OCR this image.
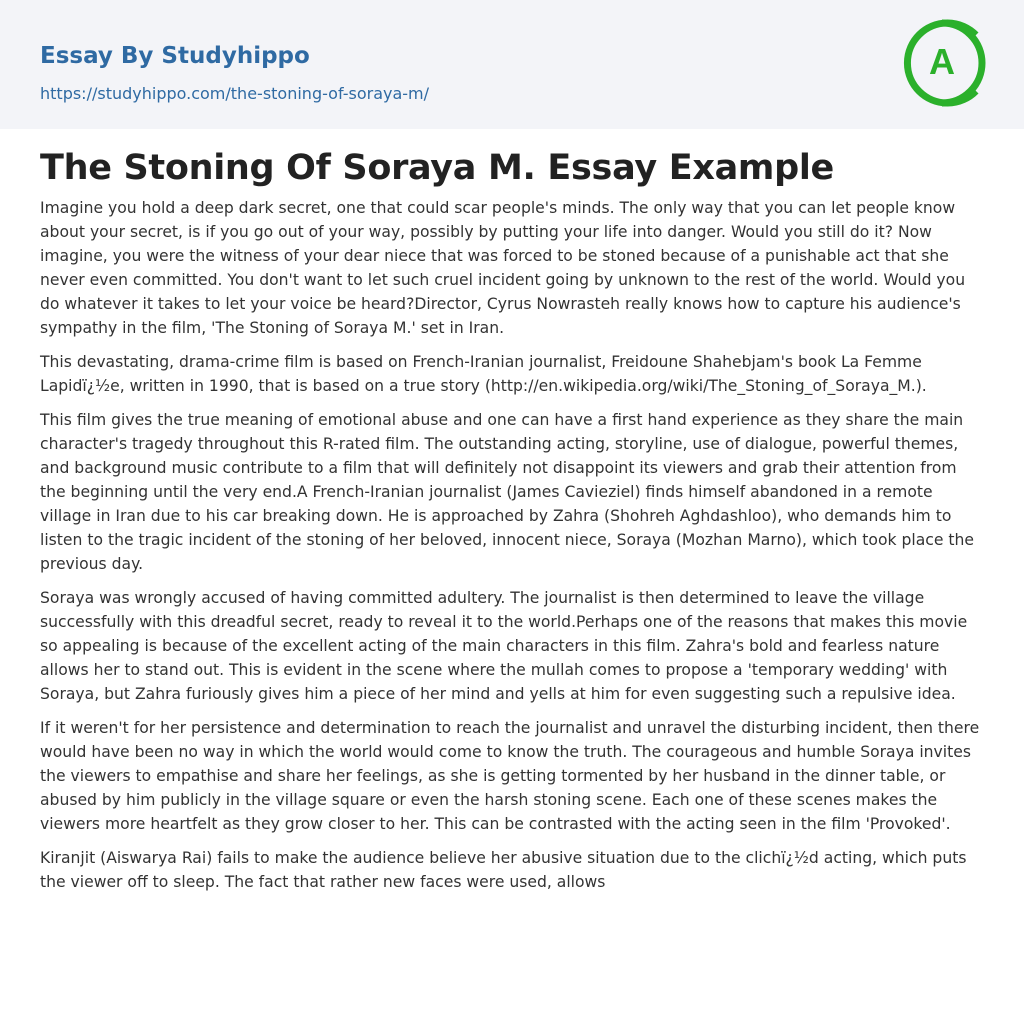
Essay By Studyhippo
https://studyhippo.com/the-stoning-of-soraya-m/
A
The Stoning Of Soraya M. Essay Example

Imagine you hold a deep dark secret, one that could scar people's minds. The only way that you can let people know about your secret, is if you go out of your way, possibly by putting your life into danger. Would you still do it? Now imagine, you were the witness of your dear niece that was forced to be stoned because of a punishable act that she never even committed. You don't want to let such cruel incident going by unknown to the rest of the world. Would you do whatever it takes to let your voice be heard?Director, Cyrus Nowrasteh really knows how to capture his audience's sympathy in the film, 'The Stoning of Soraya M.' set in Iran.

This devastating, drama-crime film is based on French-Iranian journalist, Freidoune Shahebjam's book La Femme Lapidï¿½e, written in 1990, that is based on a true story (http://en.wikipedia.org/wiki/The_Stoning_of_Soraya_M.).

This film gives the true meaning of emotional abuse and one can have a first hand experience as they share the main character's tragedy throughout this R-rated film. The outstanding acting, storyline, use of dialogue, powerful themes, and background music contribute to a film that will definitely not disappoint its viewers and grab their attention from the beginning until the very end.A French-Iranian journalist (James Cavieziel) finds himself abandoned in a remote village in Iran due to his car breaking down. He is approached by Zahra (Shohreh Aghdashloo), who demands him to listen to the tragic incident of the stoning of her beloved, innocent niece, Soraya (Mozhan Marno), which took place the previous day.

Soraya was wrongly accused of having committed adultery. The journalist is then determined to leave the village successfully with this dreadful secret, ready to reveal it to the world.Perhaps one of the reasons that makes this movie so appealing is because of the excellent acting of the main characters in this film. Zahra's bold and fearless nature allows her to stand out. This is evident in the scene where the mullah comes to propose a 'temporary wedding' with Soraya, but Zahra furiously gives him a piece of her mind and yells at him for even suggesting such a repulsive idea.

If it weren't for her persistence and determination to reach the journalist and unravel the disturbing incident, then there would have been no way in which the world would come to know the truth. The courageous and humble Soraya invites the viewers to empathise and share her feelings, as she is getting tormented by her husband in the dinner table, or abused by him publicly in the village square or even the harsh stoning scene. Each one of these scenes makes the viewers more heartfelt as they grow closer to her. This can be contrasted with the acting seen in the film 'Provoked'.

Kiranjit (Aiswarya Rai) fails to make the audience believe her abusive situation due to the clichï¿½d acting, which puts the viewer off to sleep. The fact that rather new faces were used, allows
